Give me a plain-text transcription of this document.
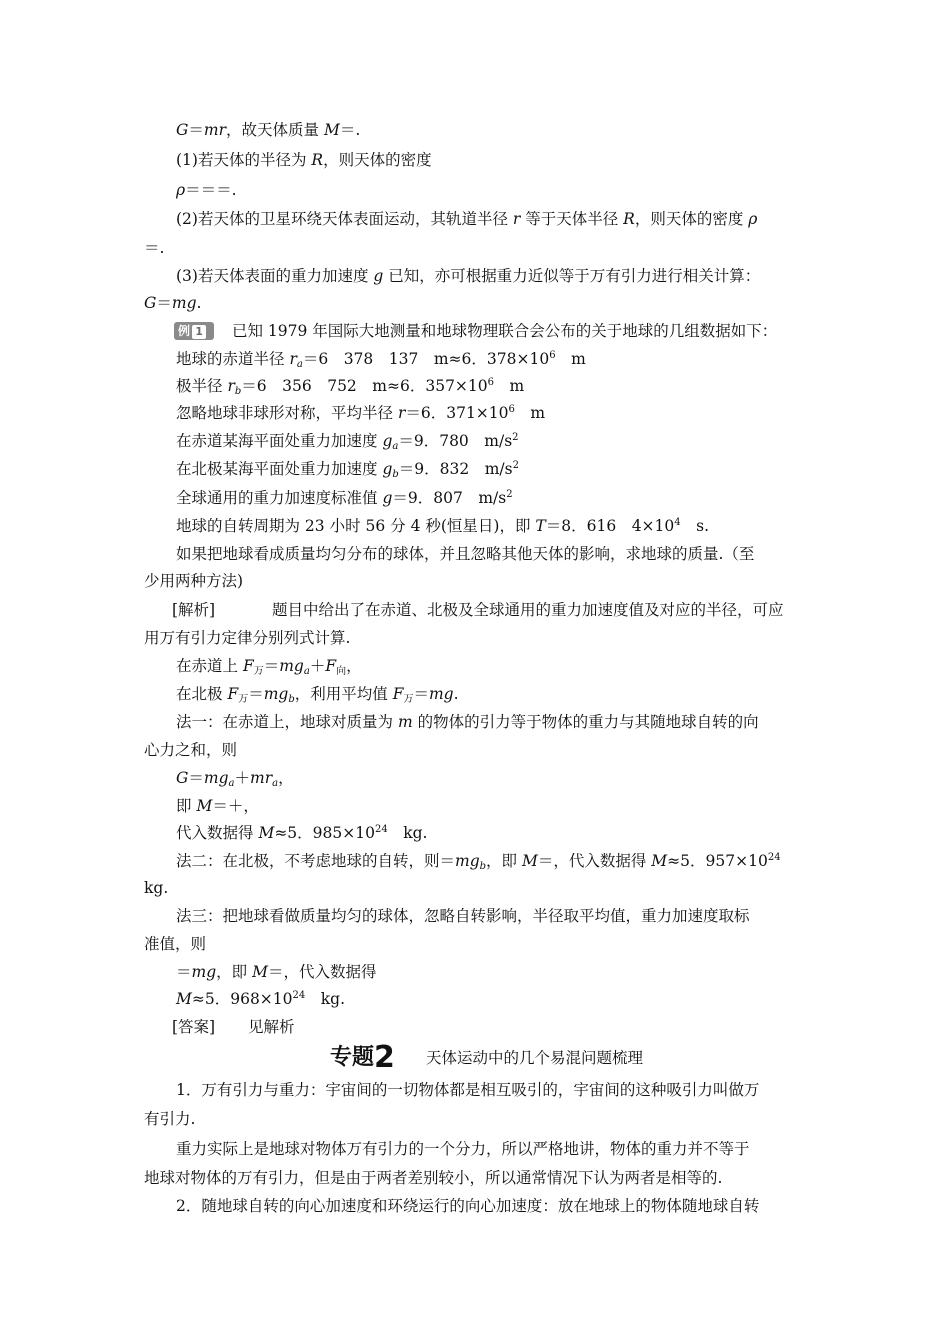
G＝mr，故天体质量 M＝.
(1)若天体的半径为 R，则天体的密度
ρ＝＝＝.
(2)若天体的卫星环绕天体表面运动，其轨道半径 r 等于天体半径 R，则天体的密度 ρ
＝.
(3)若天体表面的重力加速度 g 已知，亦可根据重力近似等于万有引力进行相关计算：
G＝mg.
例 1	已知 1979 年国际大地测量和地球物理联合会公布的关于地球的几组数据如下：
地球的赤道半径 $r_a=6$　378　137　m≈6．$378\times 10^6$　m
极半径 $r_b=6$　356　752　m≈6．$357\times 10^6$　m
忽略地球非球形对称，平均半径 r＝6．$371\times 10^6$　m
在赤道某海平面处重力加速度 $g_a=9$．780　$m/s^2$
在北极某海平面处重力加速度 $g_b=9$．832　$m/s^2$
全球通用的重力加速度标准值 g＝9．807　$m/s^2$
地球的自转周期为 23 小时 56 分 4 秒(恒星日)，即 T＝8．616　$4\times 10^4$　s.
如果把地球看成质量均匀分布的球体，并且忽略其他天体的影响，求地球的质量.（至
少用两种方法)
[解析]	题目中给出了在赤道、北极及全球通用的重力加速度值及对应的半径，可应
用万有引力定律分别列式计算.
在赤道上 $F_万=mg_a+F_向$，
在北极 $F_万=mg_b$，利用平均值 $F_万=mg$.
法一：在赤道上，地球对质量为 m 的物体的引力等于物体的重力与其随地球自转的向
心力之和，则
$G=mg_a+mr_a$，
即 M＝＋，
代入数据得 M≈5．$985\times 10^{24}$　kg.
法二：在北极，不考虑地球的自转，则$=mg_b$，即 M＝，代入数据得 M≈5．$957\times 10^{24}$
kg.
法三：把地球看做质量均匀的球体，忽略自转影响，半径取平均值，重力加速度取标
准值，则
＝mg，即 M＝，代入数据得
M≈5．$968\times 10^{24}$　kg.
[答案] 见解析
专题2 天体运动中的几个易混问题梳理
1．万有引力与重力：宇宙间的一切物体都是相互吸引的，宇宙间的这种吸引力叫做万
有引力.
重力实际上是地球对物体万有引力的一个分力，所以严格地讲，物体的重力并不等于
地球对物体的万有引力，但是由于两者差别较小，所以通常情况下认为两者是相等的.
2．随地球自转的向心加速度和环绕运行的向心加速度：放在地球上的物体随地球自转
